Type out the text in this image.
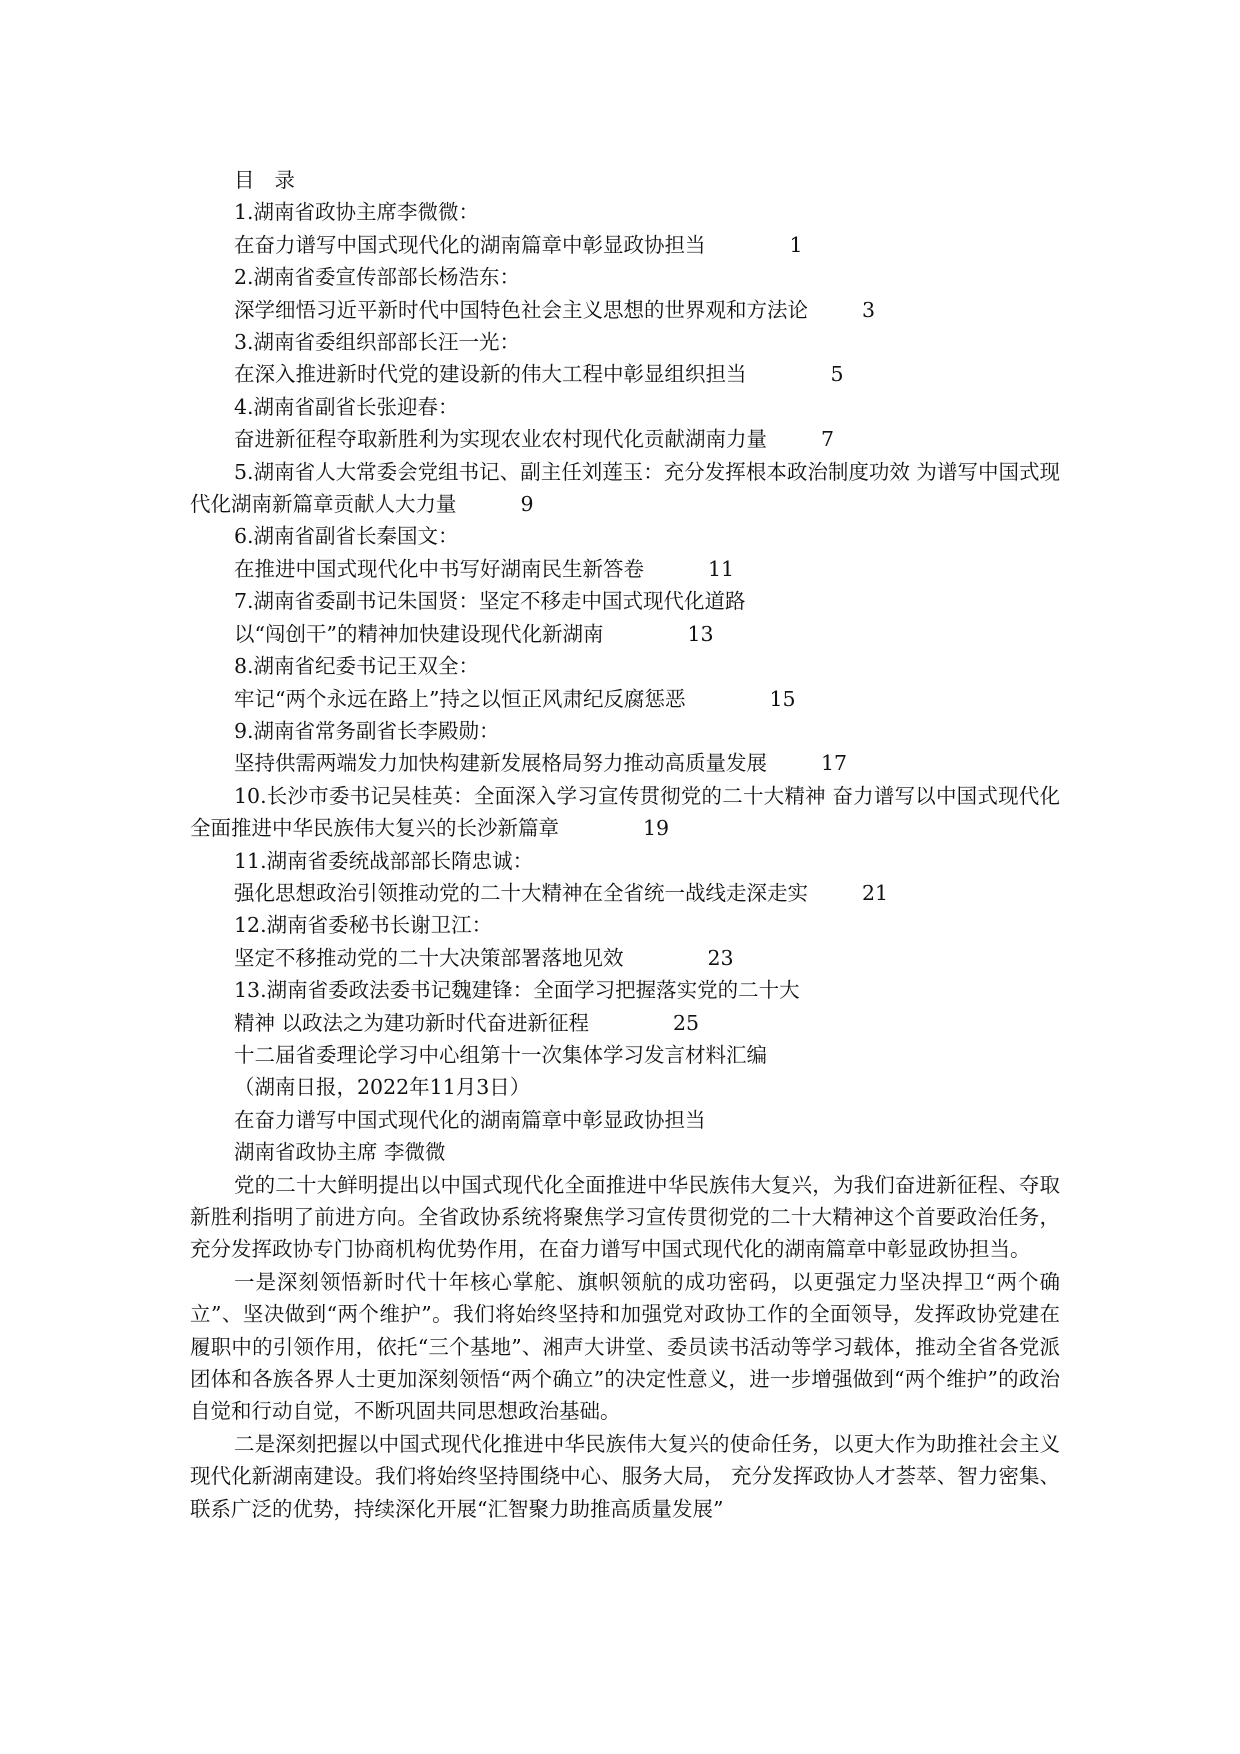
目 录

1.湖南省政协主席李微微：

在奋力谱写中国式现代化的湖南篇章中彰显政协担当	1

2.湖南省委宣传部部长杨浩东：

深学细悟习近平新时代中国特色社会主义思想的世界观和方法论	3

3.湖南省委组织部部长汪一光：

在深入推进新时代党的建设新的伟大工程中彰显组织担当	5

4.湖南省副省长张迎春：

奋进新征程夺取新胜利为实现农业农村现代化贡献湖南力量	7

5.湖南省人大常委会党组书记、副主任刘莲玉：充分发挥根本政治制度功效 为谱写中国式现代化湖南新篇章贡献人大力量	9

6.湖南省副省长秦国文：

在推进中国式现代化中书写好湖南民生新答卷	11

7.湖南省委副书记朱国贤：坚定不移走中国式现代化道路

以“闯创干”的精神加快建设现代化新湖南	13

8.湖南省纪委书记王双全：

牢记“两个永远在路上”持之以恒正风肃纪反腐惩恶	15

9.湖南省常务副省长李殿勋：

坚持供需两端发力加快构建新发展格局努力推动高质量发展	17

10.长沙市委书记吴桂英：全面深入学习宣传贯彻党的二十大精神 奋力谱写以中国式现代化全面推进中华民族伟大复兴的长沙新篇章	19

11.湖南省委统战部部长隋忠诚：

强化思想政治引领推动党的二十大精神在全省统一战线走深走实	21

12.湖南省委秘书长谢卫江：

坚定不移推动党的二十大决策部署落地见效	23

13.湖南省委政法委书记魏建锋：全面学习把握落实党的二十大

精神 以政法之为建功新时代奋进新征程	25

十二届省委理论学习中心组第十一次集体学习发言材料汇编

（湖南日报，2022年11月3日）

在奋力谱写中国式现代化的湖南篇章中彰显政协担当

湖南省政协主席 李微微

党的二十大鲜明提出以中国式现代化全面推进中华民族伟大复兴，为我们奋进新征程、夺取新胜利指明了前进方向。全省政协系统将聚焦学习宣传贯彻党的二十大精神这个首要政治任务，充分发挥政协专门协商机构优势作用，在奋力谱写中国式现代化的湖南篇章中彰显政协担当。

一是深刻领悟新时代十年核心掌舵、旗帜领航的成功密码，以更强定力坚决捍卫“两个确立”、坚决做到“两个维护”。我们将始终坚持和加强党对政协工作的全面领导，发挥政协党建在履职中的引领作用，依托“三个基地”、湘声大讲堂、委员读书活动等学习载体，推动全省各党派团体和各族各界人士更加深刻领悟“两个确立”的决定性意义，进一步增强做到“两个维护”的政治自觉和行动自觉，不断巩固共同思想政治基础。

二是深刻把握以中国式现代化推进中华民族伟大复兴的使命任务，以更大作为助推社会主义现代化新湖南建设。我们将始终坚持围绕中心、服务大局， 充分发挥政协人才荟萃、智力密集、联系广泛的优势，持续深化开展“汇智聚力助推高质量发展”
